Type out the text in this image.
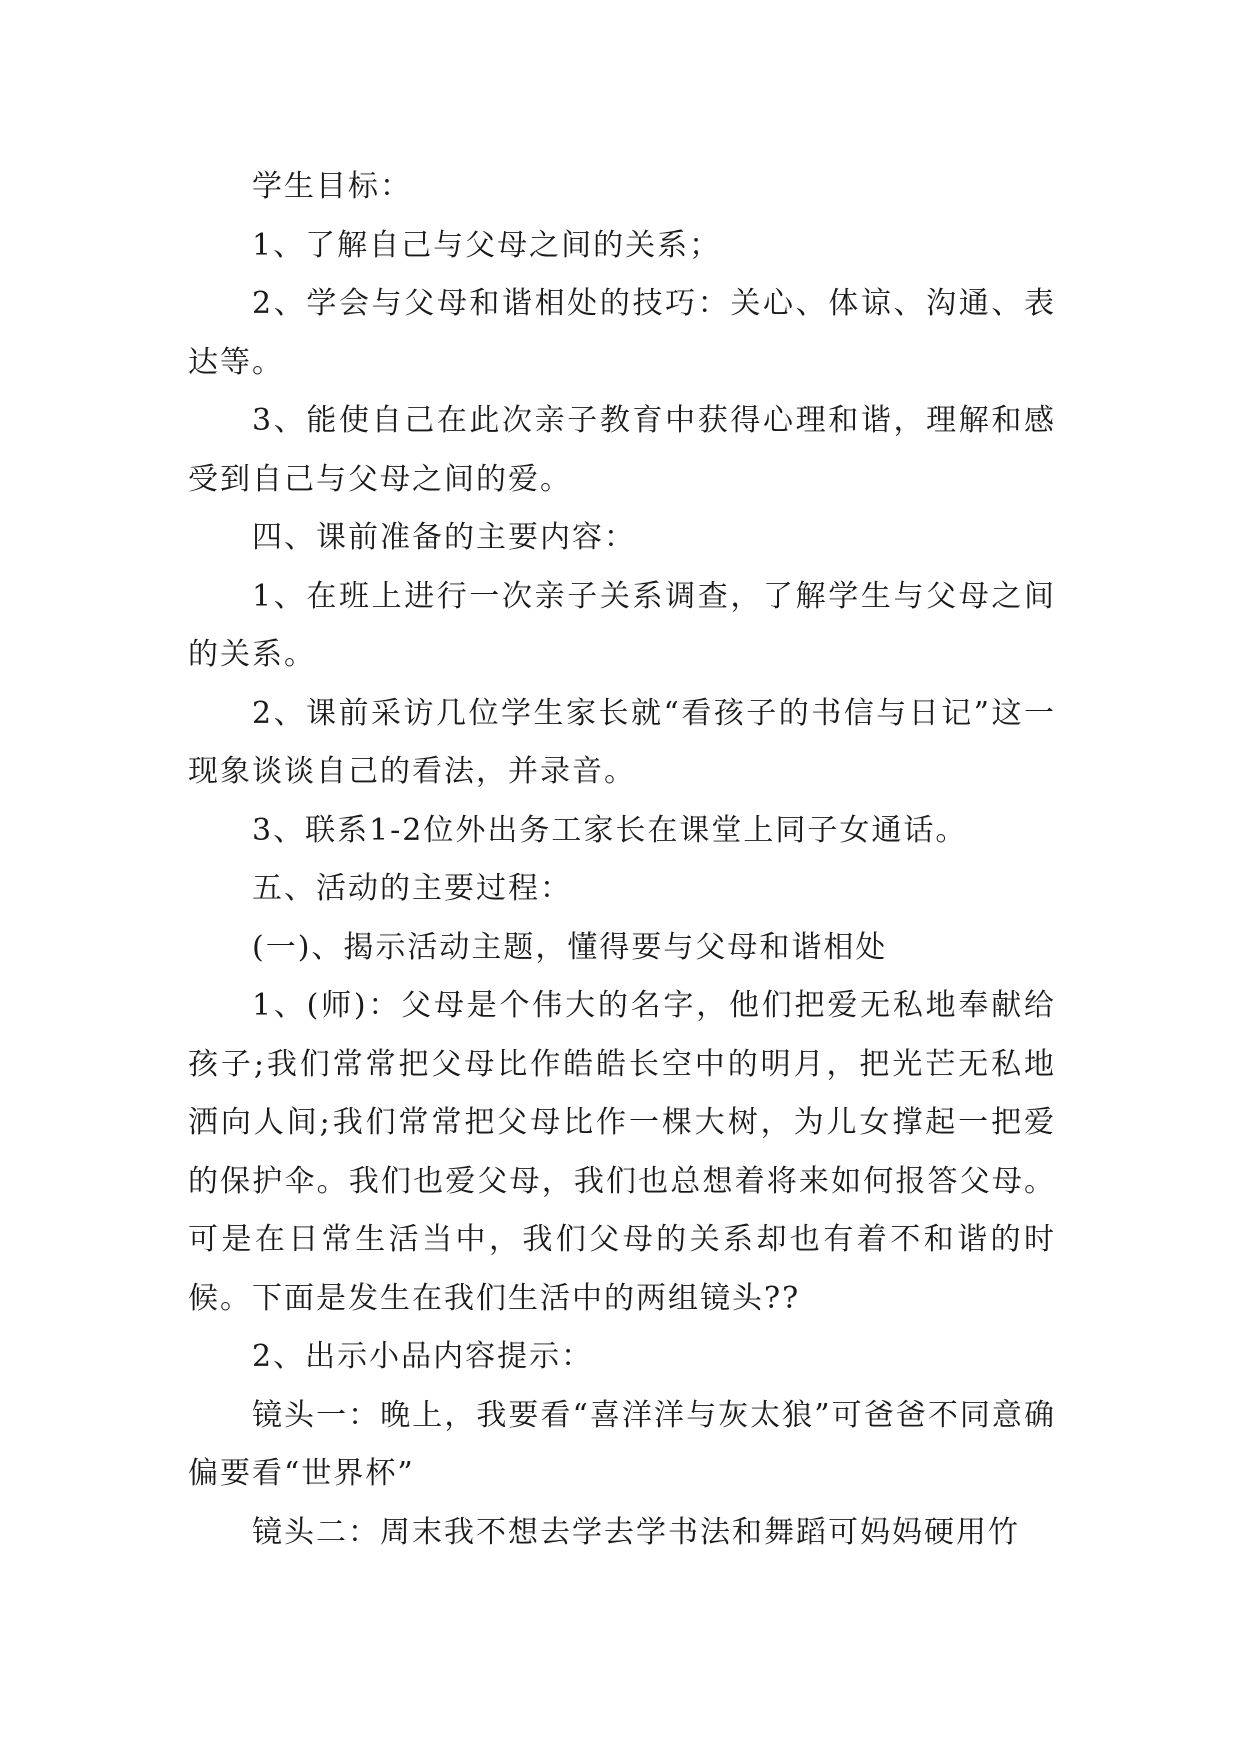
学生目标：

1、了解自己与父母之间的关系；

2、学会与父母和谐相处的技巧：关心、体谅、沟通、表达等。

3、能使自己在此次亲子教育中获得心理和谐，理解和感受到自己与父母之间的爱。

四、课前准备的主要内容：

1、在班上进行一次亲子关系调查，了解学生与父母之间的关系。

2、课前采访几位学生家长就“看孩子的书信与日记”这一现象谈谈自己的看法，并录音。

3、联系1-2位外出务工家长在课堂上同子女通话。

五、活动的主要过程：

(一)、揭示活动主题，懂得要与父母和谐相处

1、(师)：父母是个伟大的名字，他们把爱无私地奉献给孩子;我们常常把父母比作皓皓长空中的明月，把光芒无私地洒向人间;我们常常把父母比作一棵大树，为儿女撑起一把爱的保护伞。我们也爱父母，我们也总想着将来如何报答父母。可是在日常生活当中，我们父母的关系却也有着不和谐的时候。下面是发生在我们生活中的两组镜头??

2、出示小品内容提示：

镜头一：晚上，我要看“喜洋洋与灰太狼”可爸爸不同意确偏要看“世界杯”

镜头二：周末我不想去学去学书法和舞蹈可妈妈硬用竹
